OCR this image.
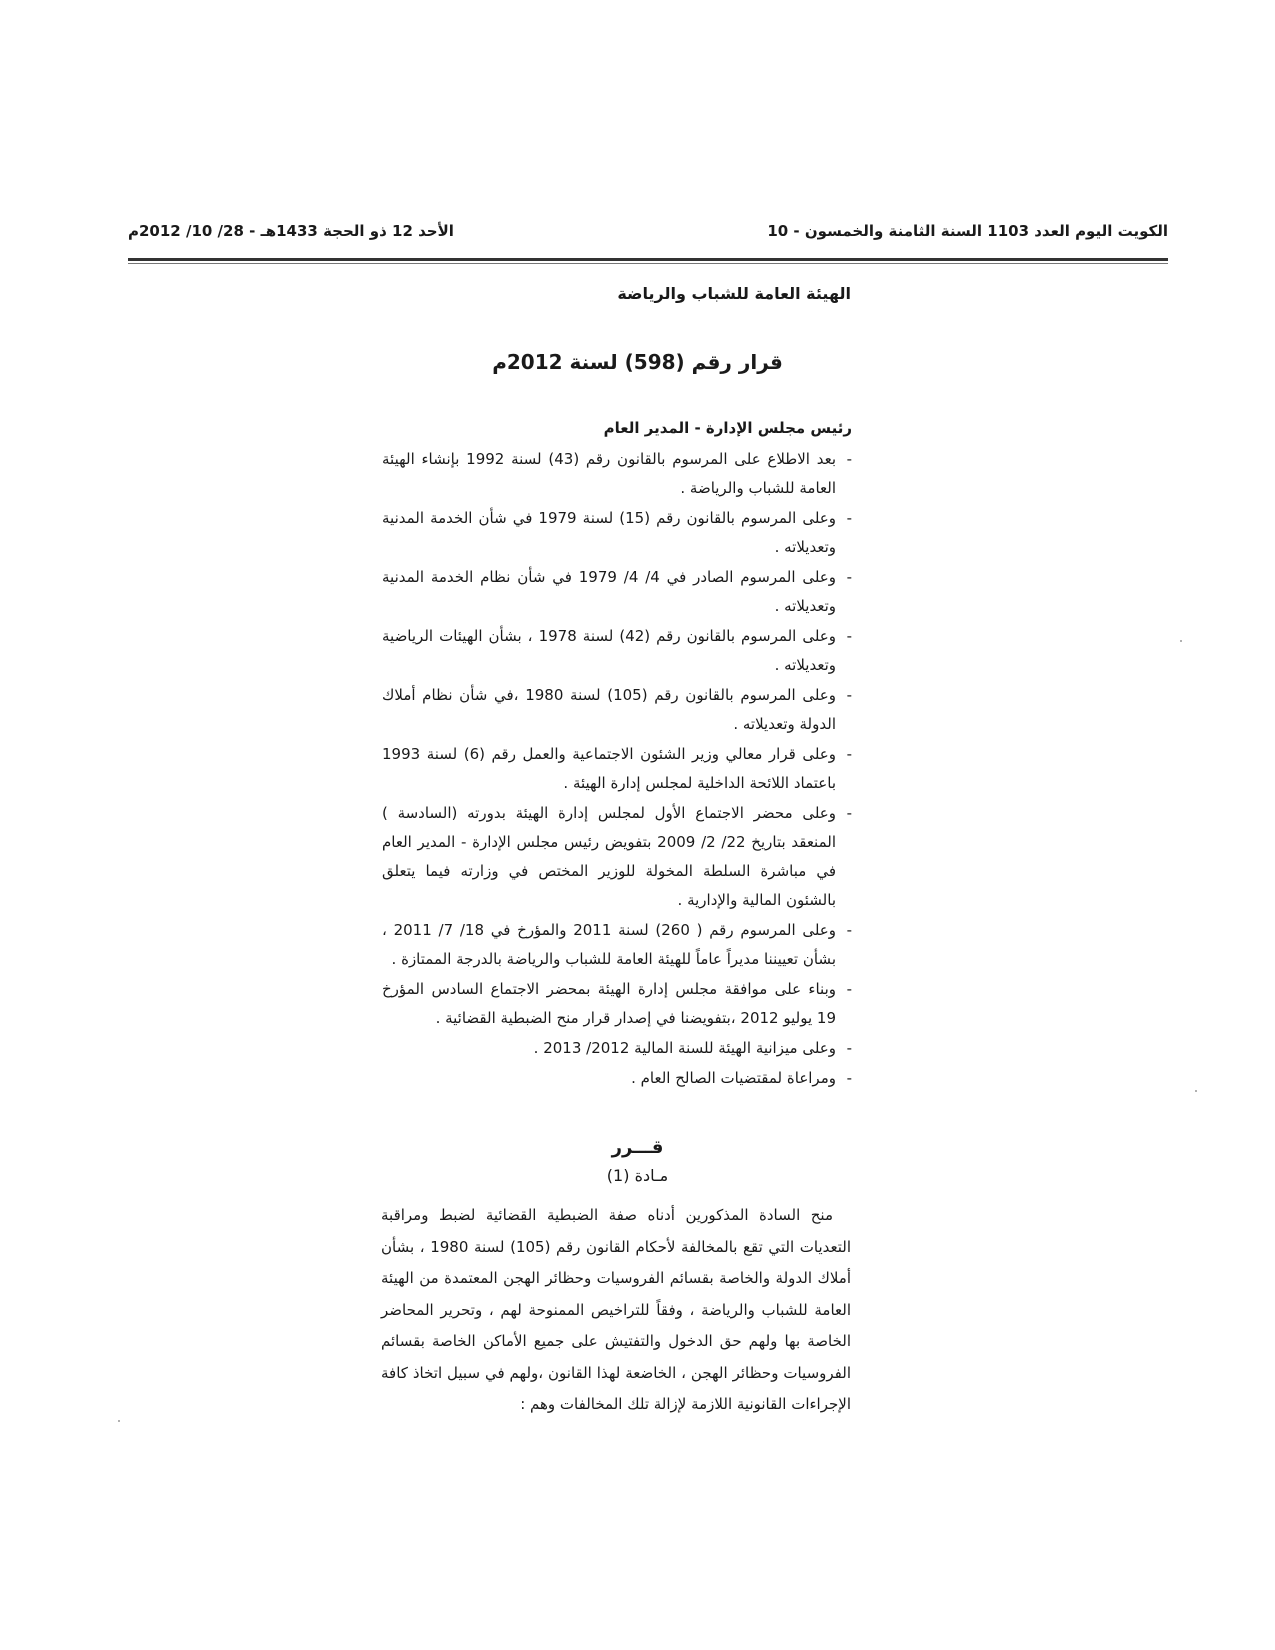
الكويت اليوم العدد 1103 السنة الثامنة والخمسون - 10
الأحد 12 ذو الحجة 1433هـ - 28/ 10/ 2012م
الهيئة العامة للشباب والرياضة
قرار رقم (598) لسنة 2012م
رئيس مجلس الإدارة - المدير العام
-
بعد الاطلاع على المرسوم بالقانون رقم (43) لسنة 1992 بإنشاء الهيئة العامة للشباب والرياضة .
-
وعلى المرسوم بالقانون رقم (15) لسنة 1979 في شأن الخدمة المدنية وتعديلاته .
-
وعلى المرسوم الصادر في 4/ 4/ 1979 في شأن نظام الخدمة المدنية وتعديلاته .
-
وعلى المرسوم بالقانون رقم (42) لسنة 1978 ، بشأن الهيئات الرياضية وتعديلاته .
-
وعلى المرسوم بالقانون رقم (105) لسنة 1980 ،في شأن نظام أملاك الدولة وتعديلاته .
-
وعلى قرار معالي وزير الشئون الاجتماعية والعمل رقم (6) لسنة 1993 باعتماد اللائحة الداخلية لمجلس إدارة الهيئة .
-
وعلى محضر الاجتماع الأول لمجلس إدارة الهيئة بدورته (السادسة ) المنعقد بتاريخ 22/ 2/ 2009 بتفويض رئيس مجلس الإدارة - المدير العام في مباشرة السلطة المخولة للوزير المختص في وزارته فيما يتعلق بالشئون المالية والإدارية .
-
وعلى المرسوم رقم ( 260) لسنة 2011 والمؤرخ في 18/ 7/ 2011 ، بشأن تعييننا مديراً عاماً للهيئة العامة للشباب والرياضة بالدرجة الممتازة .
-
وبناء على موافقة مجلس إدارة الهيئة بمحضر الاجتماع السادس المؤرخ 19 يوليو 2012 ،بتفويضنا في إصدار قرار منح الضبطية القضائية .
-
وعلى ميزانية الهيئة للسنة المالية 2012/ 2013 .
-
ومراعاة لمقتضيات الصالح العام .
قـــرر
مـادة (1)
منح السادة المذكورين أدناه صفة الضبطية القضائية لضبط ومراقبة التعديات التي تقع بالمخالفة لأحكام القانون رقم (105) لسنة 1980 ، بشأن أملاك الدولة والخاصة بقسائم الفروسيات وحظائر الهجن المعتمدة من الهيئة العامة للشباب والرياضة ، وفقاً للتراخيص الممنوحة لهم ، وتحرير المحاضر الخاصة بها ولهم حق الدخول والتفتيش على جميع الأماكن الخاصة بقسائم الفروسيات وحظائر الهجن ، الخاضعة لهذا القانون ،ولهم في سبيل اتخاذ كافة الإجراءات القانونية اللازمة لإزالة تلك المخالفات وهم :
